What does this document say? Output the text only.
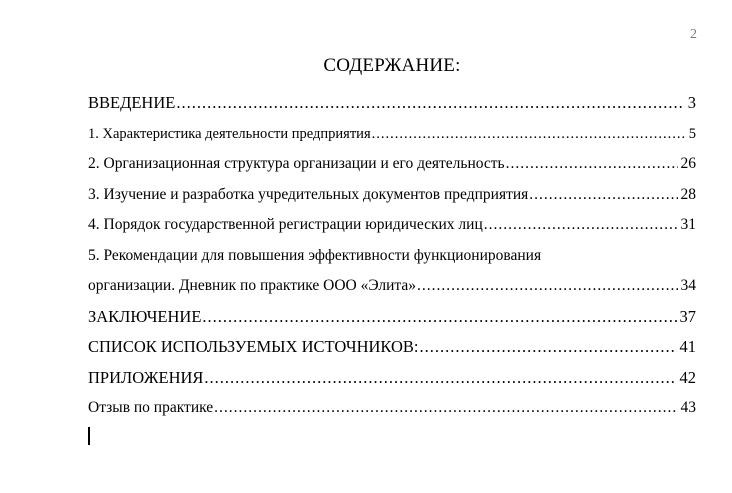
2
СОДЕРЖАНИЕ:
ВВЕДЕНИЕ .....	3
1. Характеристика деятельности предприятия .....	5
2. Организационная структура организации и его деятельность .....	26
3. Изучение и разработка учредительных документов предприятия .....	28
4. Порядок государственной регистрации юридических лиц .....	31
5. Рекомендации для повышения эффективности функционирования
организации. Дневник по практике ООО «Элита» .....	34
ЗАКЛЮЧЕНИЕ .....	37
СПИСОК ИСПОЛЬЗУЕМЫХ ИСТОЧНИКОВ: .....	41
ПРИЛОЖЕНИЯ .....	42
Отзыв по практике .....	43
